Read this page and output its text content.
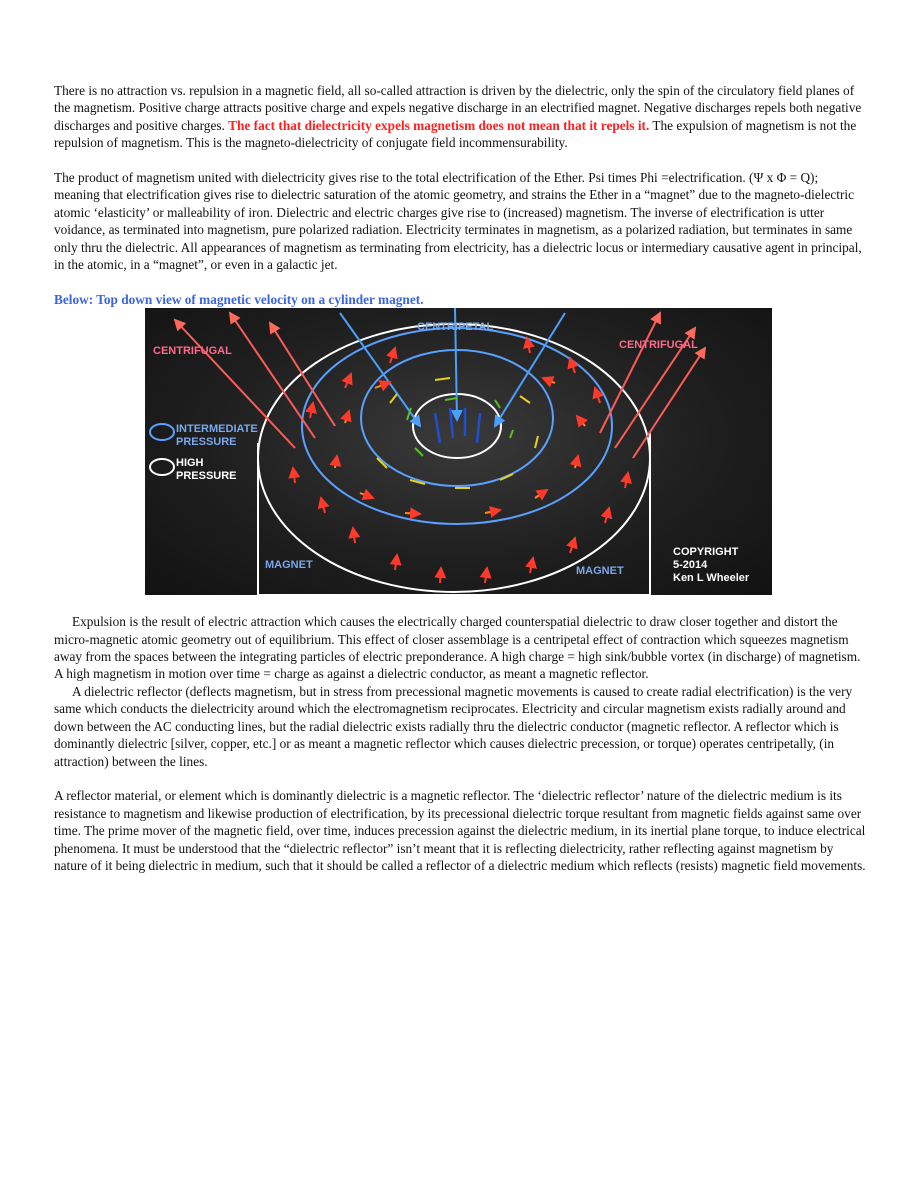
There is no attraction vs. repulsion in a magnetic field, all so-called attraction is driven by the dielectric, only the spin of the circulatory field planes of the magnetism. Positive charge attracts positive charge and expels negative discharge in an electrified magnet. Negative discharges repels both negative discharges and positive charges. The fact that dielectricity expels magnetism does not mean that it repels it. The expulsion of magnetism is not the repulsion of magnetism. This is the magneto-dielectricity of conjugate field incommensurability.

The product of magnetism united with dielectricity gives rise to the total electrification of the Ether. Psi times Phi =electrification. (Ψ x Φ = Q); meaning that electrification gives rise to dielectric saturation of the atomic geometry, and strains the Ether in a “magnet” due to the magneto-dielectric atomic ‘elasticity’ or malleability of iron. Dielectric and electric charges give rise to (increased) magnetism. The inverse of electrification is utter voidance, as terminated into magnetism, pure polarized radiation. Electricity terminates in magnetism, as a polarized radiation, but terminates in same only thru the dielectric. All appearances of magnetism as terminating from electricity, has a dielectric locus or intermediary causative agent in principal, in the atomic, in a “magnet”, or even in a galactic jet.

Below: Top down view of magnetic velocity on a cylinder magnet.

CENTRIPETAL
CENTRIFUGAL	CENTRIFUGAL
INTERMEDIATE
PRESSURE
HIGH
PRESSURE
MAGNET	MAGNET
COPYRIGHT
5-2014
Ken L Wheeler

Expulsion is the result of electric attraction which causes the electrically charged counterspatial dielectric to draw closer together and distort the micro-magnetic atomic geometry out of equilibrium. This effect of closer assemblage is a centripetal effect of contraction which squeezes magnetism away from the spaces between the integrating particles of electric preponderance. A high charge = high sink/bubble vortex (in discharge) of magnetism. A high magnetism in motion over time = charge as against a dielectric conductor, as meant a magnetic reflector.

A dielectric reflector (deflects magnetism, but in stress from precessional magnetic movements is caused to create radial electrification) is the very same which conducts the dielectricity around which the electromagnetism reciprocates. Electricity and circular magnetism exists radially around and down between the AC conducting lines, but the radial dielectric exists radially thru the dielectric conductor (magnetic reflector. A reflector which is dominantly dielectric [silver, copper, etc.] or as meant a magnetic reflector which causes dielectric precession, or torque) operates centripetally, (in attraction) between the lines.

A reflector material, or element which is dominantly dielectric is a magnetic reflector. The ‘dielectric reflector’ nature of the dielectric medium is its resistance to magnetism and likewise production of electrification, by its precessional dielectric torque resultant from magnetic fields against same over time. The prime mover of the magnetic field, over time, induces precession against the dielectric medium, in its inertial plane torque, to induce electrical phenomena. It must be understood that the “dielectric reflector” isn’t meant that it is reflecting dielectricity, rather reflecting against magnetism by nature of it being dielectric in medium, such that it should be called a reflector of a dielectric medium which reflects (resists) magnetic field movements.
